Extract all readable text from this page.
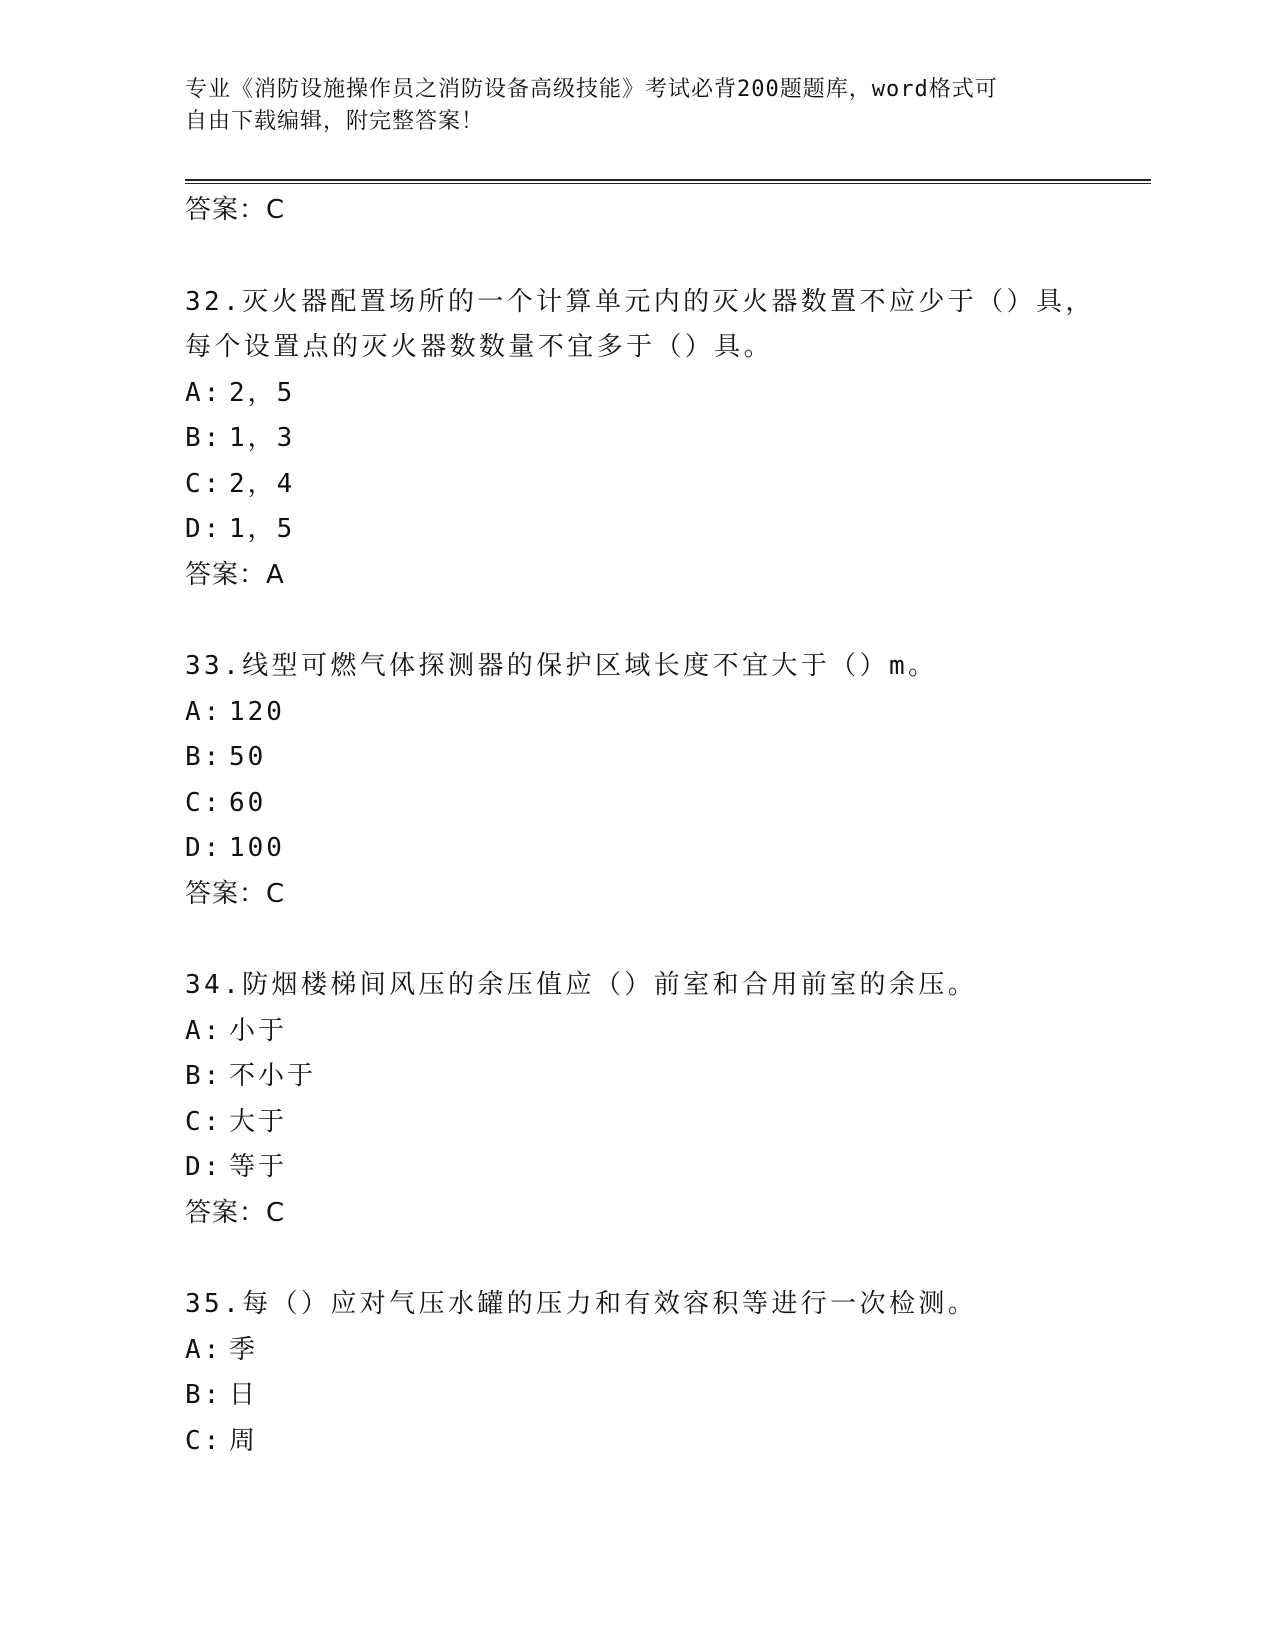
专业《消防设施操作员之消防设备高级技能》考试必背200题题库，word格式可
自由下载编辑，附完整答案！
答案：C
32.灭火器配置场所的一个计算单元内的灭火器数置不应少于（）具，
每个设置点的灭火器数数量不宜多于（）具。
A: 2，5
B: 1，3
C: 2，4
D: 1，5
答案：A
33.线型可燃气体探测器的保护区域长度不宜大于（）m。
A: 120
B: 50
C: 60
D: 100
答案：C
34.防烟楼梯间风压的余压值应（）前室和合用前室的余压。
A: 小于
B: 不小于
C: 大于
D: 等于
答案：C
35.每（）应对气压水罐的压力和有效容积等进行一次检测。
A: 季
B: 日
C: 周
